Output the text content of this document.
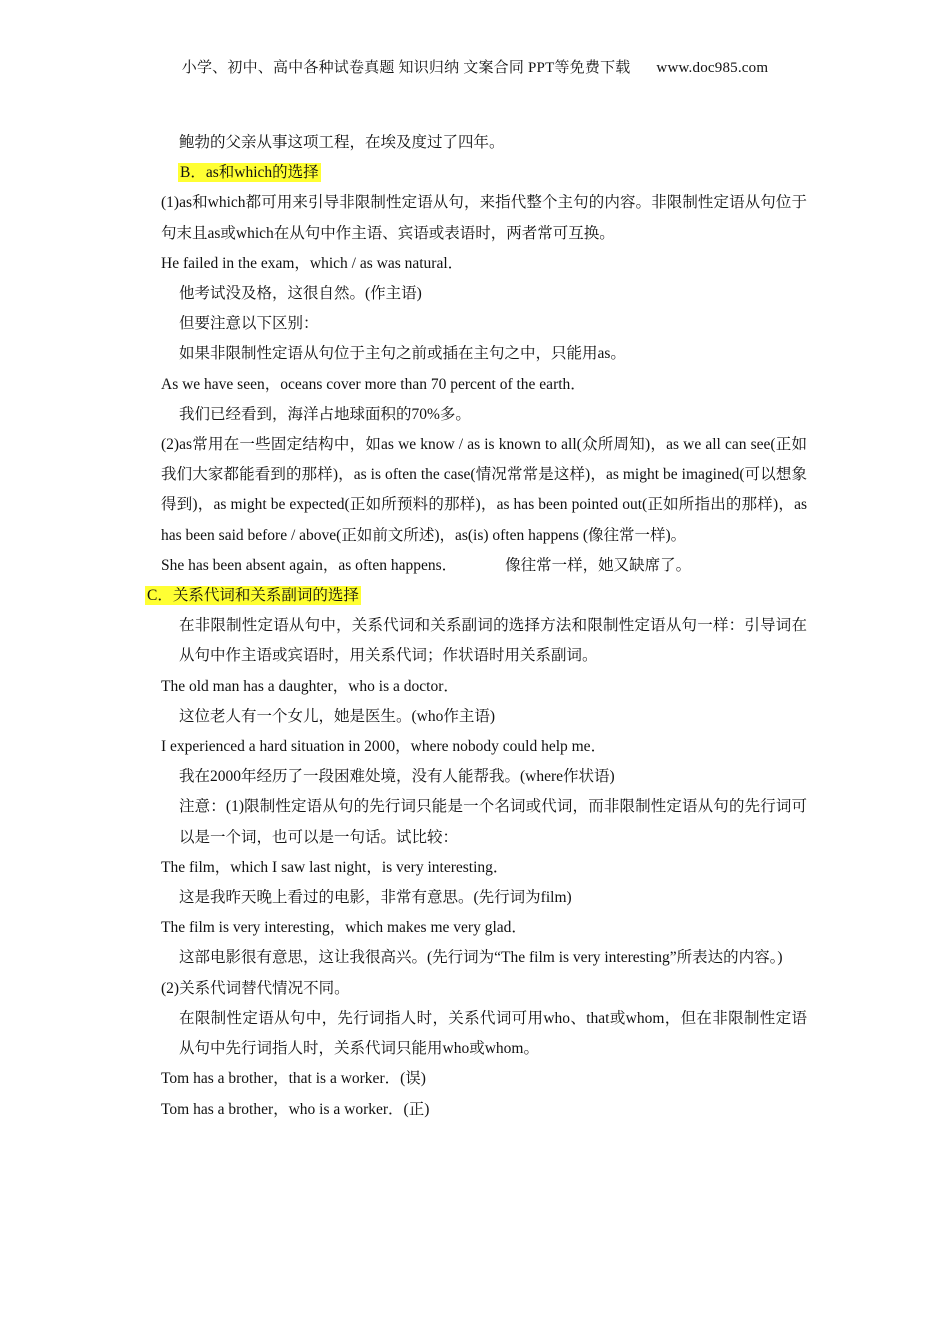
小学、初中、高中各种试卷真题 知识归纳 文案合同 PPT等免费下载 www.doc985.com
鲍勃的父亲从事这项工程，在埃及度过了四年。
B．as和which的选择
(1)as和which都可用来引导非限制性定语从句，来指代整个主句的内容。非限制性定语从句位于句末且as或which在从句中作主语、宾语或表语时，两者常可互换。
He failed in the exam，which / as was natural．
他考试没及格，这很自然。(作主语)
但要注意以下区别：
如果非限制性定语从句位于主句之前或插在主句之中，只能用as。
As we have seen，oceans cover more than 70 percent of the earth．
我们已经看到，海洋占地球面积的70%多。
(2)as常用在一些固定结构中，如as we know / as is known to all(众所周知)，as we all can see(正如我们大家都能看到的那样)，as is often the case(情况常常是这样)，as might be imagined(可以想象得到)，as might be expected(正如所预料的那样)，as has been pointed out(正如所指出的那样)，as has been said before / above(正如前文所述)，as(is) often happens (像往常一样)。
She has been absent again，as often happens．	像往常一样，她又缺席了。
C．关系代词和关系副词的选择
在非限制性定语从句中，关系代词和关系副词的选择方法和限制性定语从句一样：引导词在从句中作主语或宾语时，用关系代词；作状语时用关系副词。
The old man has a daughter，who is a doctor．
这位老人有一个女儿，她是医生。(who作主语)
I experienced a hard situation in 2000，where nobody could help me．
我在2000年经历了一段困难处境，没有人能帮我。(where作状语)
注意：(1)限制性定语从句的先行词只能是一个名词或代词，而非限制性定语从句的先行词可以是一个词，也可以是一句话。试比较：
The film，which I saw last night，is very interesting．
这是我昨天晚上看过的电影，非常有意思。(先行词为film)
The film is very interesting，which makes me very glad．
这部电影很有意思，这让我很高兴。(先行词为“The film is very interesting”所表达的内容。)
(2)关系代词替代情况不同。
在限制性定语从句中，先行词指人时，关系代词可用who、that或whom，但在非限制性定语从句中先行词指人时，关系代词只能用who或whom。
Tom has a brother，that is a worker．(误)
Tom has a brother，who is a worker．(正)
